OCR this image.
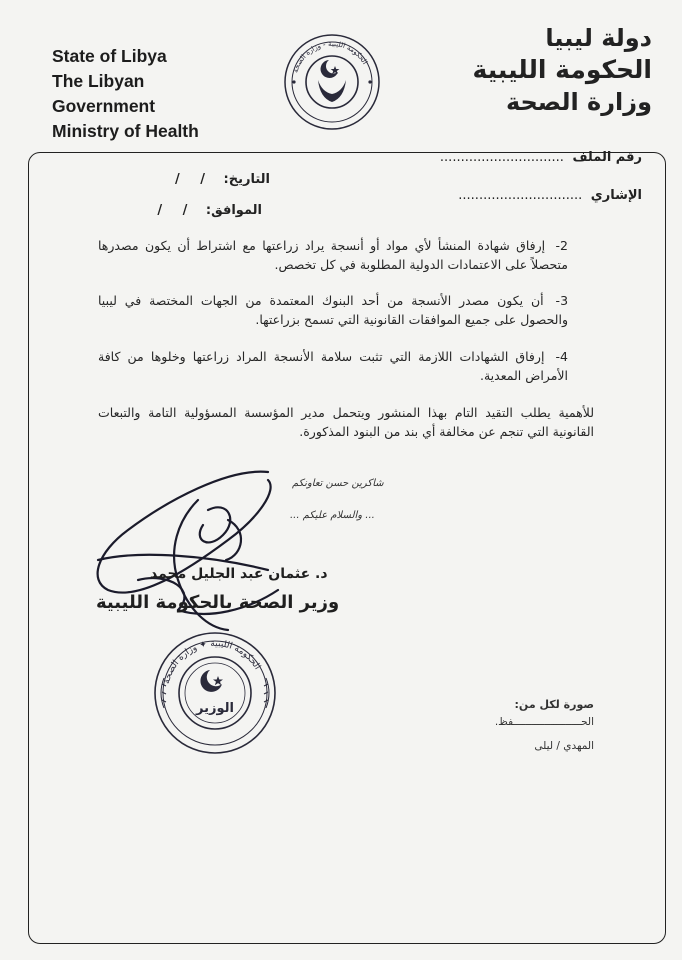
State of Libya
The Libyan Government
Ministry of Health
دولة ليبيا
الحكومة الليبية
وزارة الصحة
الحكومة الليبية - وزارة الصحة
رقم الملف ..............................
الإشاري ..............................
التاريخ: / /
الموافق: / /
2- إرفاق شهادة المنشأ لأي مواد أو أنسجة يراد زراعتها مع اشتراط أن يكون مصدرها متحصلاً على الاعتمادات الدولية المطلوبة في كل تخصص.
3- أن يكون مصدر الأنسجة من أحد البنوك المعتمدة من الجهات المختصة في ليبيا والحصول على جميع الموافقات القانونية التي تسمح بزراعتها.
4- إرفاق الشهادات اللازمة التي تثبت سلامة الأنسجة المراد زراعتها وخلوها من كافة الأمراض المعدية.
للأهمية يطلب التقيد التام بهذا المنشور ويتحمل مدير المؤسسة المسؤولية التامة والتبعات القانونية التي تنجم عن مخالفة أي بند من البنود المذكورة.
شاكرين حسن تعاونكم
... والسلام عليكم ...
د. عثمان عبد الجليل محمد
وزير الصحة بالحكومة الليبية
الحكومة الليبية ✦ وزارة الصحة
الوزير	صورة لكل من:
الحــــــــــــــــــــــفظ.
المهدي / ليلى
